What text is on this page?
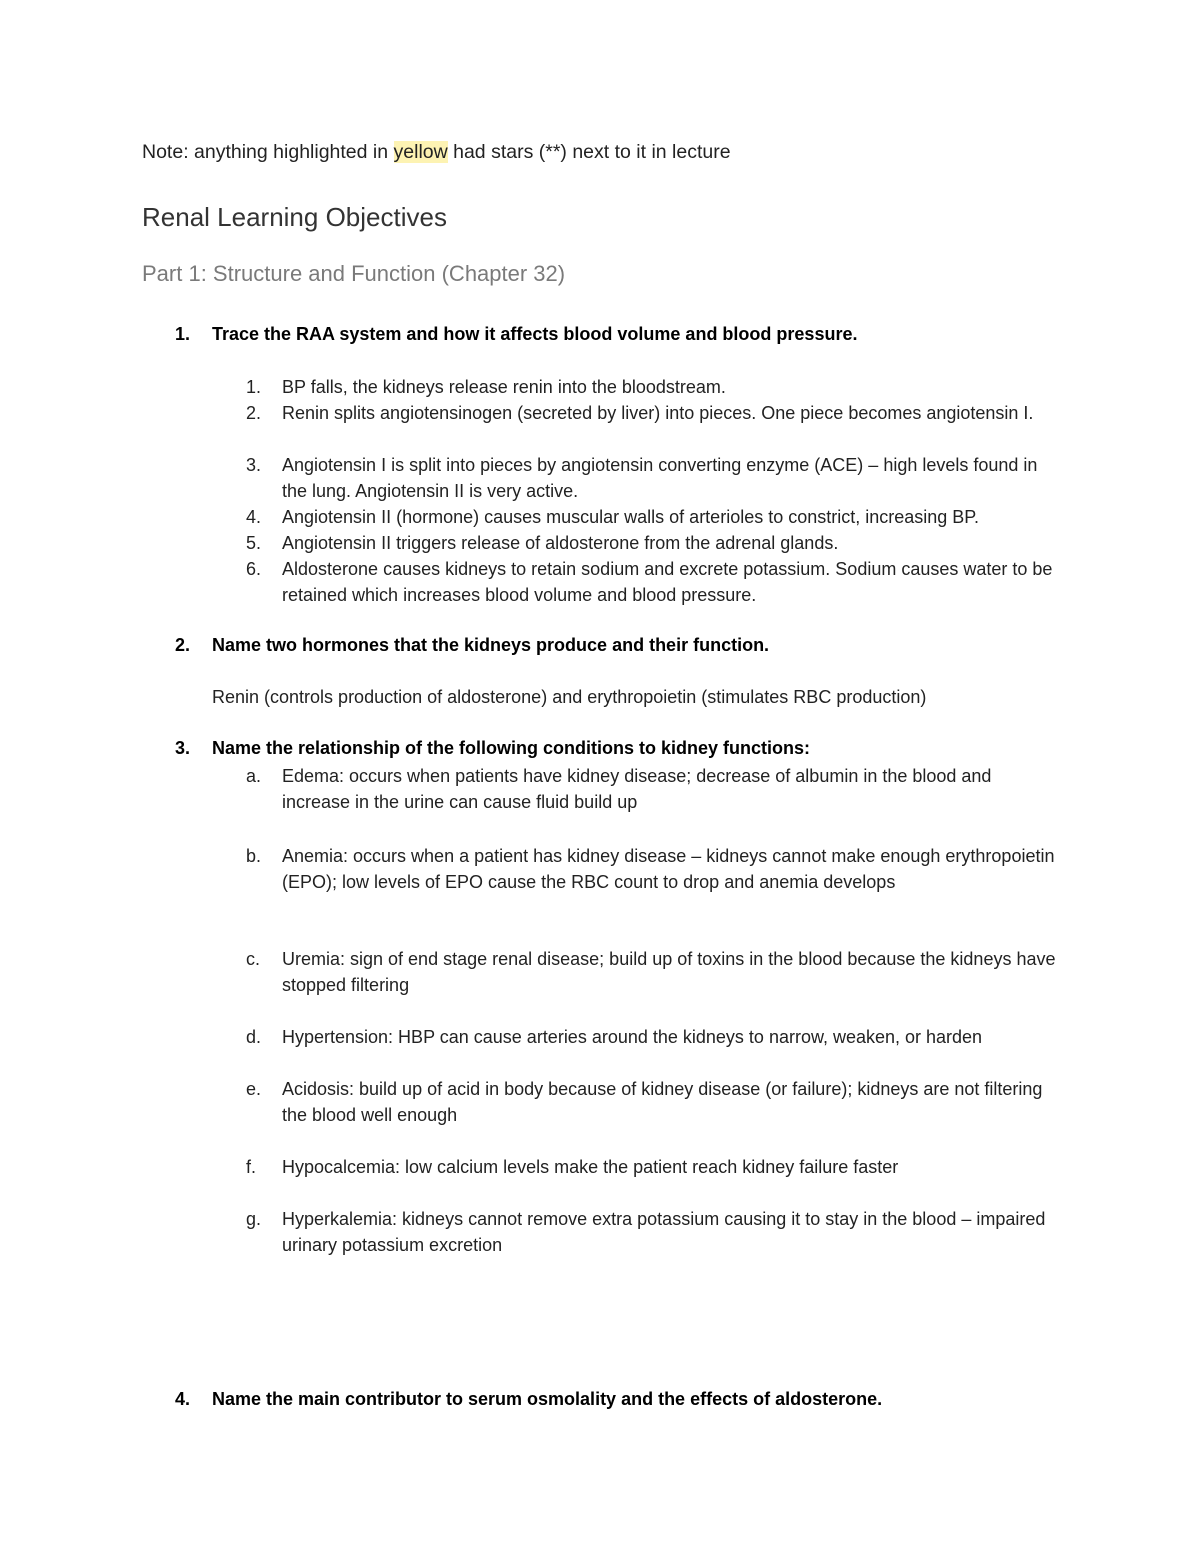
Note: anything highlighted in yellow had stars (**) next to it in lecture
Renal Learning Objectives
Part 1: Structure and Function (Chapter 32)
1. Trace the RAA system and how it affects blood volume and blood pressure.
1. BP falls, the kidneys release renin into the bloodstream.
2. Renin splits angiotensinogen (secreted by liver) into pieces. One piece becomes angiotensin I.
3. Angiotensin I is split into pieces by angiotensin converting enzyme (ACE) – high levels found in the lung. Angiotensin II is very active.
4. Angiotensin II (hormone) causes muscular walls of arterioles to constrict, increasing BP.
5. Angiotensin II triggers release of aldosterone from the adrenal glands.
6. Aldosterone causes kidneys to retain sodium and excrete potassium. Sodium causes water to be retained which increases blood volume and blood pressure.
2. Name two hormones that the kidneys produce and their function.
Renin (controls production of aldosterone) and erythropoietin (stimulates RBC production)
3. Name the relationship of the following conditions to kidney functions:
a. Edema: occurs when patients have kidney disease; decrease of albumin in the blood and increase in the urine can cause fluid build up
b. Anemia: occurs when a patient has kidney disease – kidneys cannot make enough erythropoietin (EPO); low levels of EPO cause the RBC count to drop and anemia develops
c. Uremia: sign of end stage renal disease; build up of toxins in the blood because the kidneys have stopped filtering
d. Hypertension: HBP can cause arteries around the kidneys to narrow, weaken, or harden
e. Acidosis: build up of acid in body because of kidney disease (or failure); kidneys are not filtering the blood well enough
f. Hypocalcemia: low calcium levels make the patient reach kidney failure faster
g. Hyperkalemia: kidneys cannot remove extra potassium causing it to stay in the blood – impaired urinary potassium excretion
4. Name the main contributor to serum osmolality and the effects of aldosterone.
